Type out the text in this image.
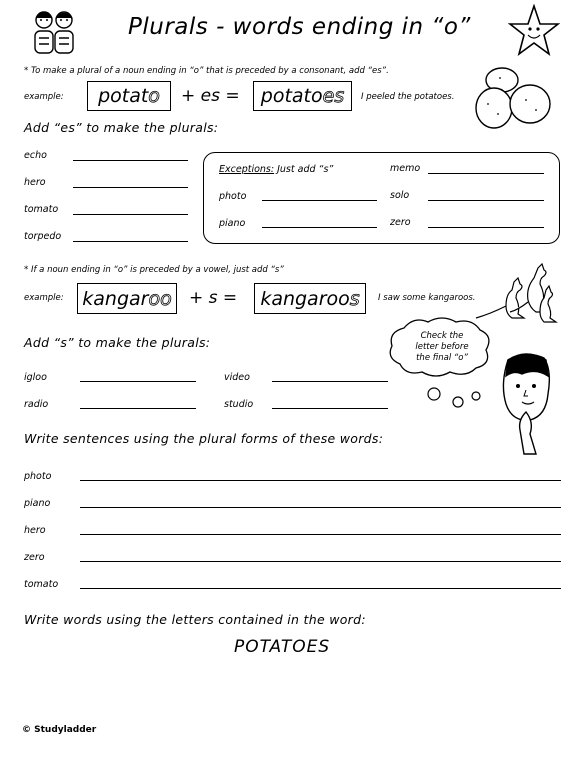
Plurals - words ending in “o”
* To make a plural of a noun ending in “o” that is preceded by a consonant, add “es”.
example: potat o + es = potato es I peeled the potatoes.
Add “es” to make the plurals:
echo
hero
tomato
torpedo
Exceptions: Just add “s”
photo
piano
memo
solo
zero
* If a noun ending in “o” is preceded by a vowel, just add “s”
example: kangar oo + s = kangaroo s I saw some kangaroos.
Add “s” to make the plurals:
igloo
radio
video
studio
Check the
letter before
the final “o”
Write sentences using the plural forms of these words:
photo
piano
hero
zero
tomato
Write words using the letters contained in the word:
POTATOES
© Studyladder
